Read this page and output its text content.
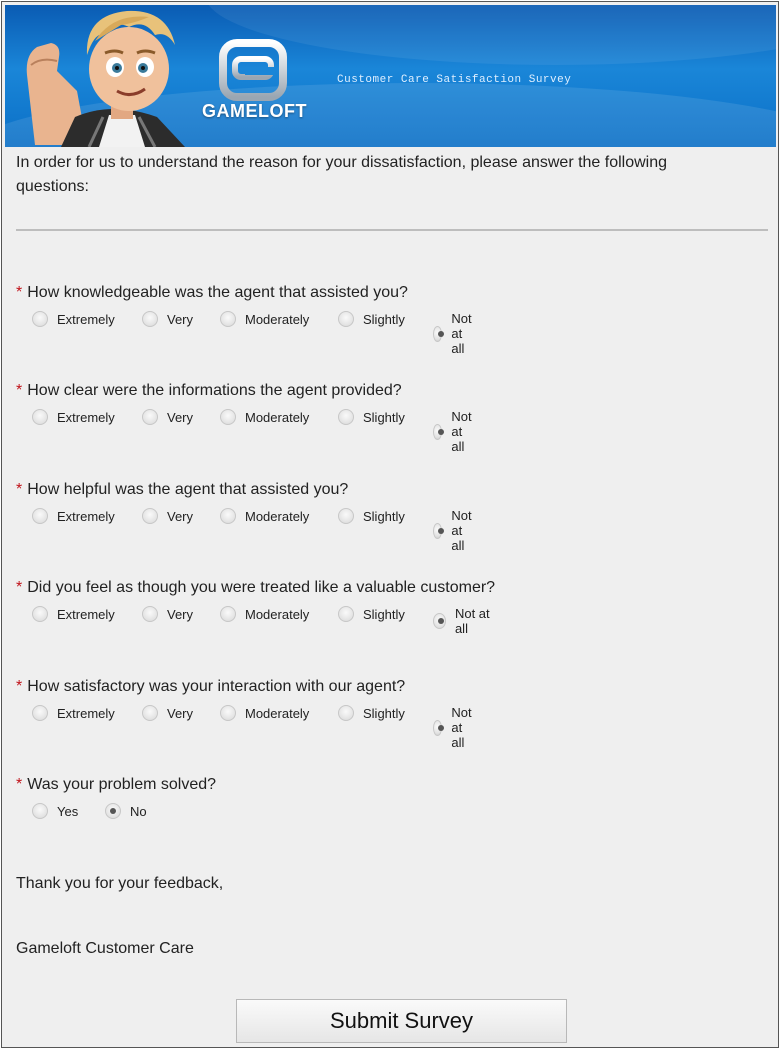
GAMELOFT
Customer Care Satisfaction Survey
In order for us to understand the reason for your dissatisfaction, please answer the following questions:
* How knowledgeable was the agent that assisted you?
Extremely	Very	Moderately	Slightly	Not at all
* How clear were the informations the agent provided?
Extremely	Very	Moderately	Slightly	Not at all
* How helpful was the agent that assisted you?
Extremely	Very	Moderately	Slightly	Not at all
* Did you feel as though you were treated like a valuable customer?
Extremely	Very	Moderately	Slightly	Not at all
* How satisfactory was your interaction with our agent?
Extremely	Very	Moderately	Slightly	Not at all
* Was your problem solved?
Yes	No
Thank you for your feedback,
Gameloft Customer Care
Submit Survey
